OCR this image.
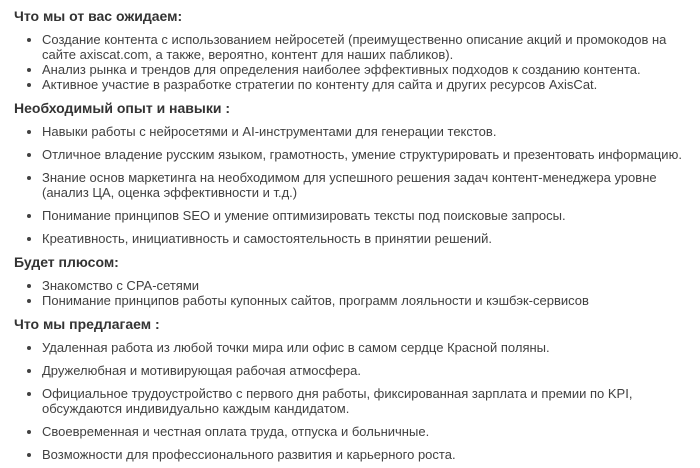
Что мы от вас ожидаем:

• Создание контента с использованием нейросетей (преимущественно описание акций и промокодов на сайте axiscat.com, а также, вероятно, контент для наших пабликов).
• Анализ рынка и трендов для определения наиболее эффективных подходов к созданию контента.
• Активное участие в разработке стратегии по контенту для сайта и других ресурсов AxisCat.

Необходимый опыт и навыки :

• Навыки работы с нейросетями и AI-инструментами для генерации текстов.
• Отличное владение русским языком, грамотность, умение структурировать и презентовать информацию.
• Знание основ маркетинга на необходимом для успешного решения задач контент-менеджера уровне (анализ ЦА, оценка эффективности и т.д.)
• Понимание принципов SEO и умение оптимизировать тексты под поисковые запросы.
• Креативность, инициативность и самостоятельность в принятии решений.

Будет плюсом:

• Знакомство с CPA-сетями
• Понимание принципов работы купонных сайтов, программ лояльности и кэшбэк-сервисов

Что мы предлагаем :

• Удаленная работа из любой точки мира или офис в самом сердце Красной поляны.
• Дружелюбная и мотивирующая рабочая атмосфера.
• Официальное трудоустройство с первого дня работы, фиксированная зарплата и премии по KPI, обсуждаются индивидуально каждым кандидатом.
• Своевременная и честная оплата труда, отпуска и больничные.
• Возможности для профессионального развития и карьерного роста.
